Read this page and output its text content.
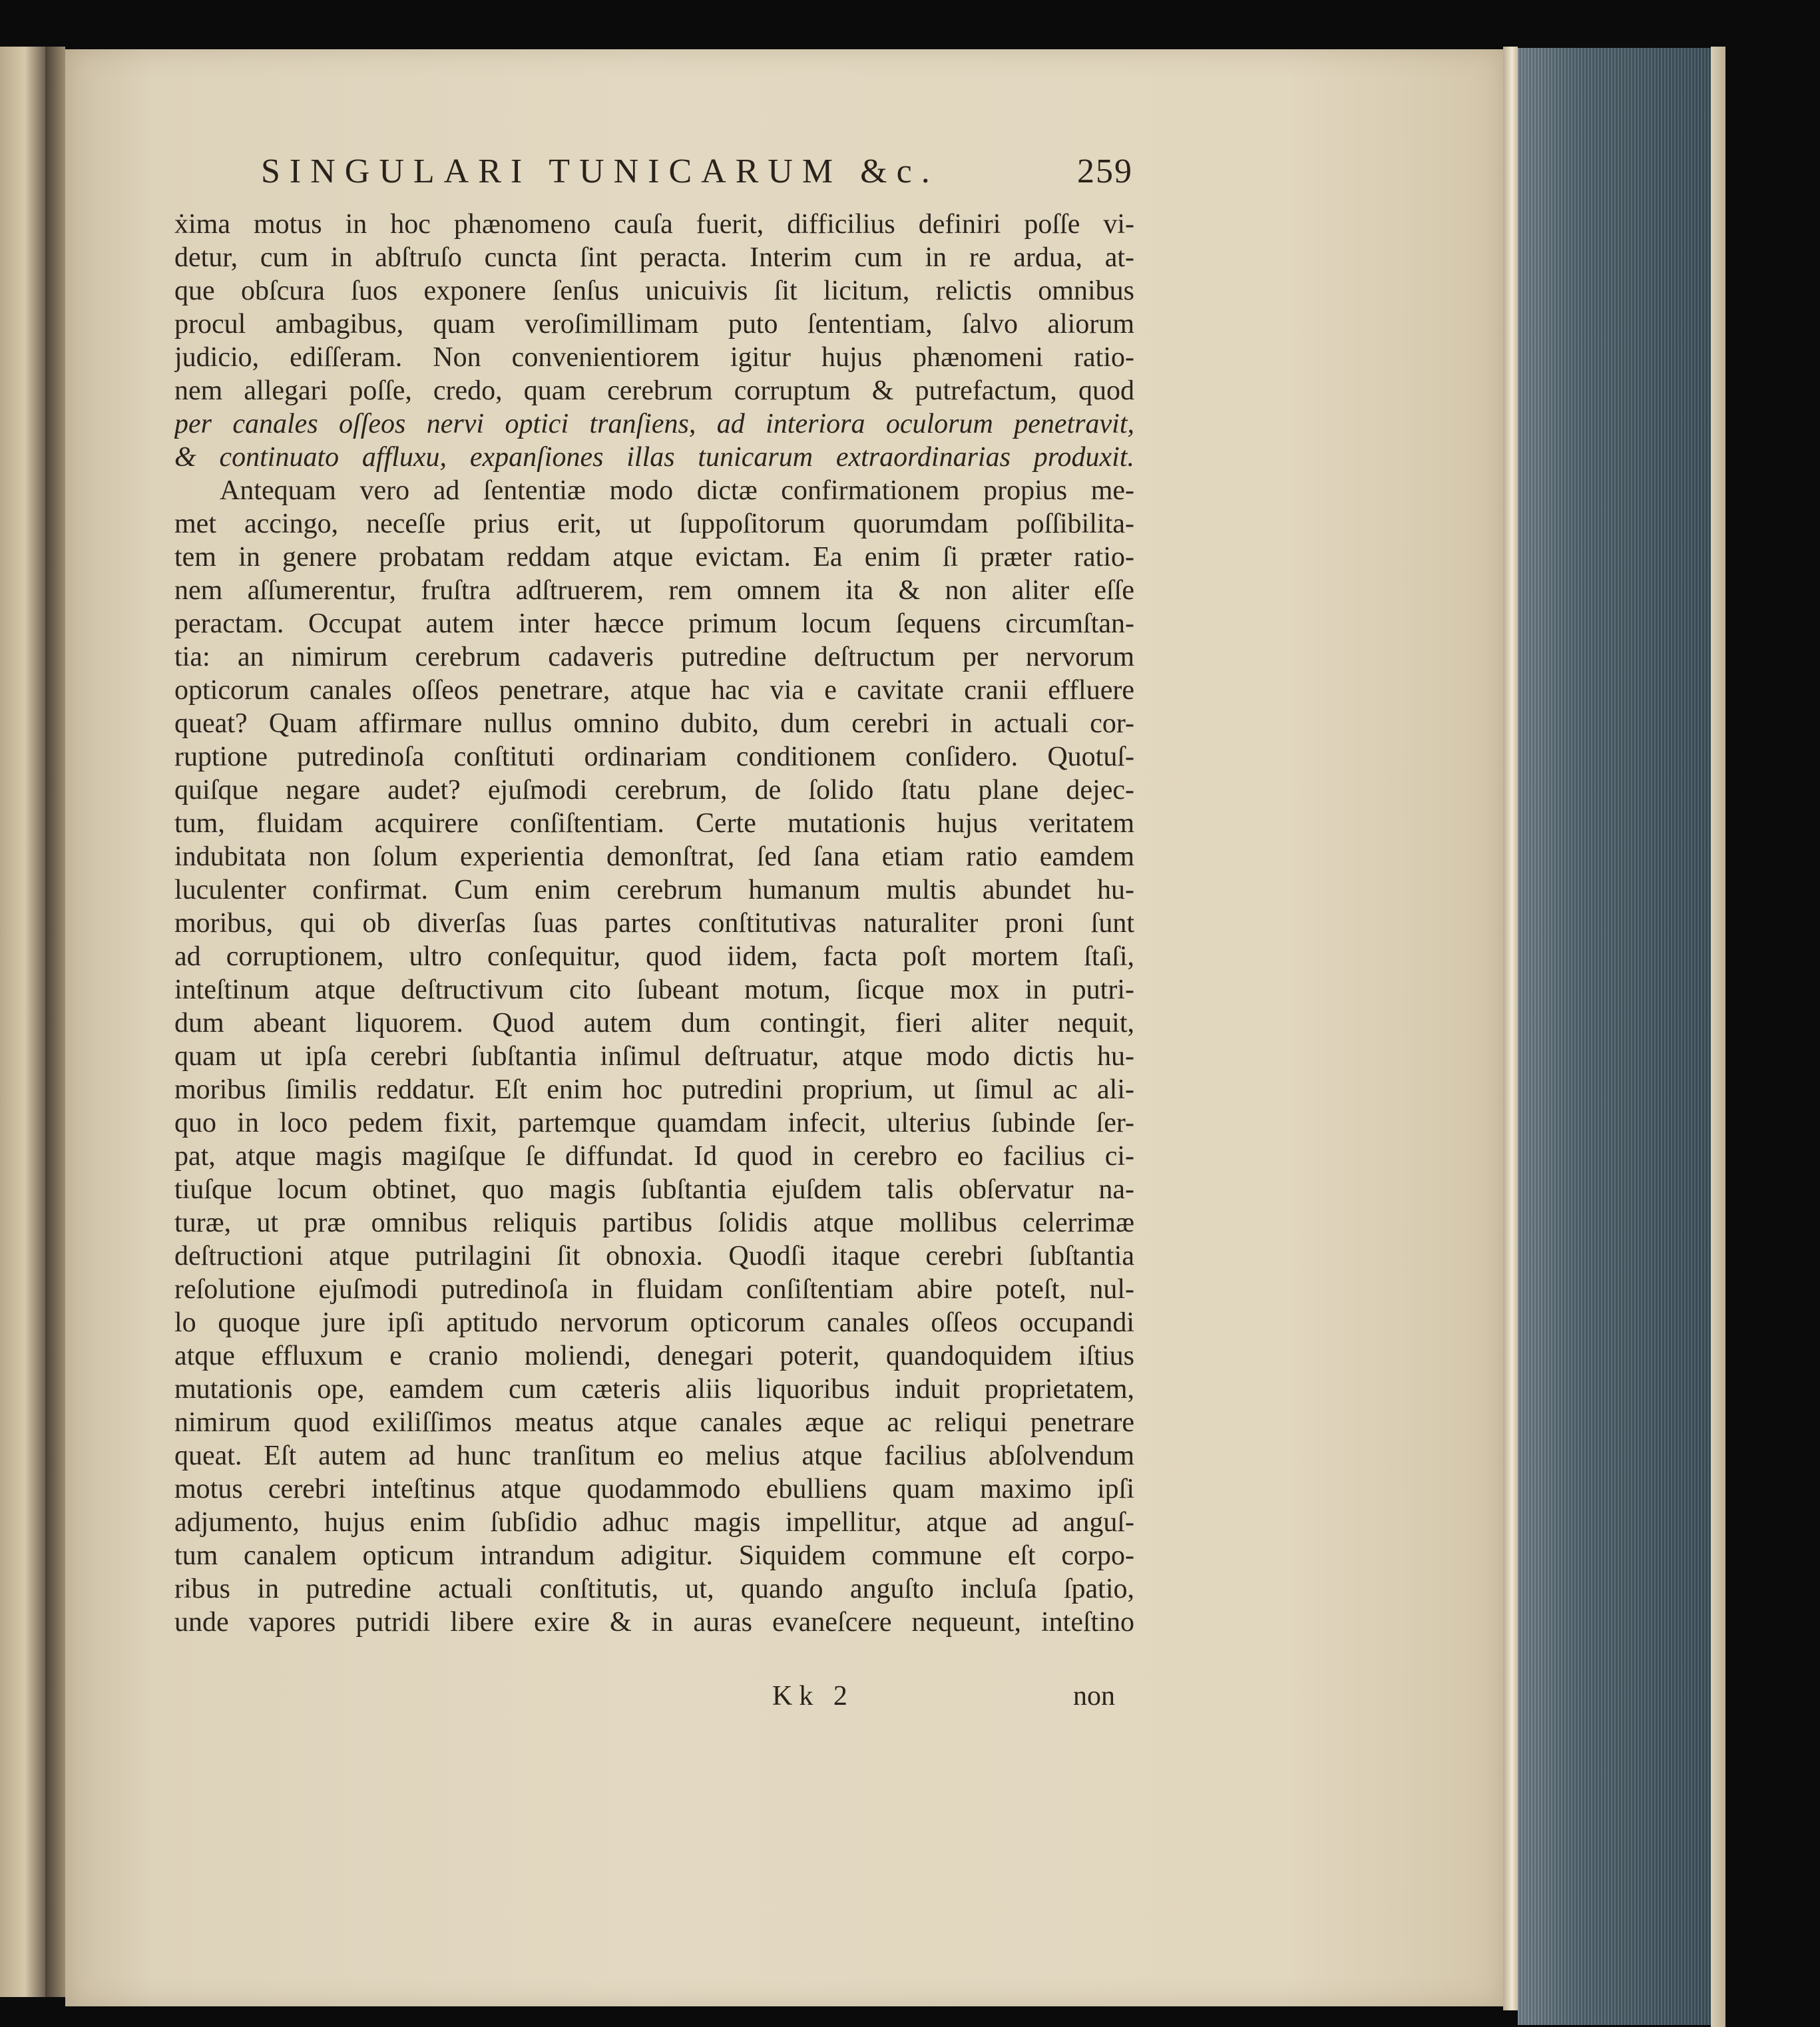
SINGULARI TUNICARUM &c.	259
ẋima motus in hoc phænomeno cauſa fuerit, difficilius definiri poſſe vi-
detur, cum in abſtruſo cuncta ſint peracta. Interim cum in re ardua, at-
que obſcura ſuos exponere ſenſus unicuivis ſit licitum, relictis omnibus
procul ambagibus, quam veroſimillimam puto ſententiam, ſalvo aliorum
judicio, ediſſeram. Non convenientiorem igitur hujus phænomeni ratio-
nem allegari poſſe, credo, quam cerebrum corruptum & putrefactum, quod
per canales oſſeos nervi optici tranſiens, ad interiora oculorum penetravit,
& continuato affluxu, expanſiones illas tunicarum extraordinarias produxit.
Antequam vero ad ſententiæ modo dictæ confirmationem propius me-
met accingo, neceſſe prius erit, ut ſuppoſitorum quorumdam poſſibilita-
tem in genere probatam reddam atque evictam. Ea enim ſi præter ratio-
nem aſſumerentur, fruſtra adſtruerem, rem omnem ita & non aliter eſſe
peractam. Occupat autem inter hæcce primum locum ſequens circumſtan-
tia: an nimirum cerebrum cadaveris putredine deſtructum per nervorum
opticorum canales oſſeos penetrare, atque hac via e cavitate cranii effluere
queat? Quam affirmare nullus omnino dubito, dum cerebri in actuali cor-
ruptione putredinoſa conſtituti ordinariam conditionem conſidero. Quotuſ-
quiſque negare audet? ejuſmodi cerebrum, de ſolido ſtatu plane dejec-
tum, fluidam acquirere conſiſtentiam. Certe mutationis hujus veritatem
indubitata non ſolum experientia demonſtrat, ſed ſana etiam ratio eamdem
luculenter confirmat. Cum enim cerebrum humanum multis abundet hu-
moribus, qui ob diverſas ſuas partes conſtitutivas naturaliter proni ſunt
ad corruptionem, ultro conſequitur, quod iidem, facta poſt mortem ſtaſi,
inteſtinum atque deſtructivum cito ſubeant motum, ſicque mox in putri-
dum abeant liquorem. Quod autem dum contingit, fieri aliter nequit,
quam ut ipſa cerebri ſubſtantia inſimul deſtruatur, atque modo dictis hu-
moribus ſimilis reddatur. Eſt enim hoc putredini proprium, ut ſimul ac ali-
quo in loco pedem fixit, partemque quamdam infecit, ulterius ſubinde ſer-
pat, atque magis magiſque ſe diffundat. Id quod in cerebro eo facilius ci-
tiuſque locum obtinet, quo magis ſubſtantia ejuſdem talis obſervatur na-
turæ, ut præ omnibus reliquis partibus ſolidis atque mollibus celerrimæ
deſtructioni atque putrilagini ſit obnoxia. Quodſi itaque cerebri ſubſtantia
reſolutione ejuſmodi putredinoſa in fluidam conſiſtentiam abire poteſt, nul-
lo quoque jure ipſi aptitudo nervorum opticorum canales oſſeos occupandi
atque effluxum e cranio moliendi, denegari poterit, quandoquidem iſtius
mutationis ope, eamdem cum cæteris aliis liquoribus induit proprietatem,
nimirum quod exiliſſimos meatus atque canales æque ac reliqui penetrare
queat. Eſt autem ad hunc tranſitum eo melius atque facilius abſolvendum
motus cerebri inteſtinus atque quodammodo ebulliens quam maximo ipſi
adjumento, hujus enim ſubſidio adhuc magis impellitur, atque ad anguſ-
tum canalem opticum intrandum adigitur. Siquidem commune eſt corpo-
ribus in putredine actuali conſtitutis, ut, quando anguſto incluſa ſpatio,
unde vapores putridi libere exire & in auras evaneſcere nequeunt, inteſtino
Kk 2	non
